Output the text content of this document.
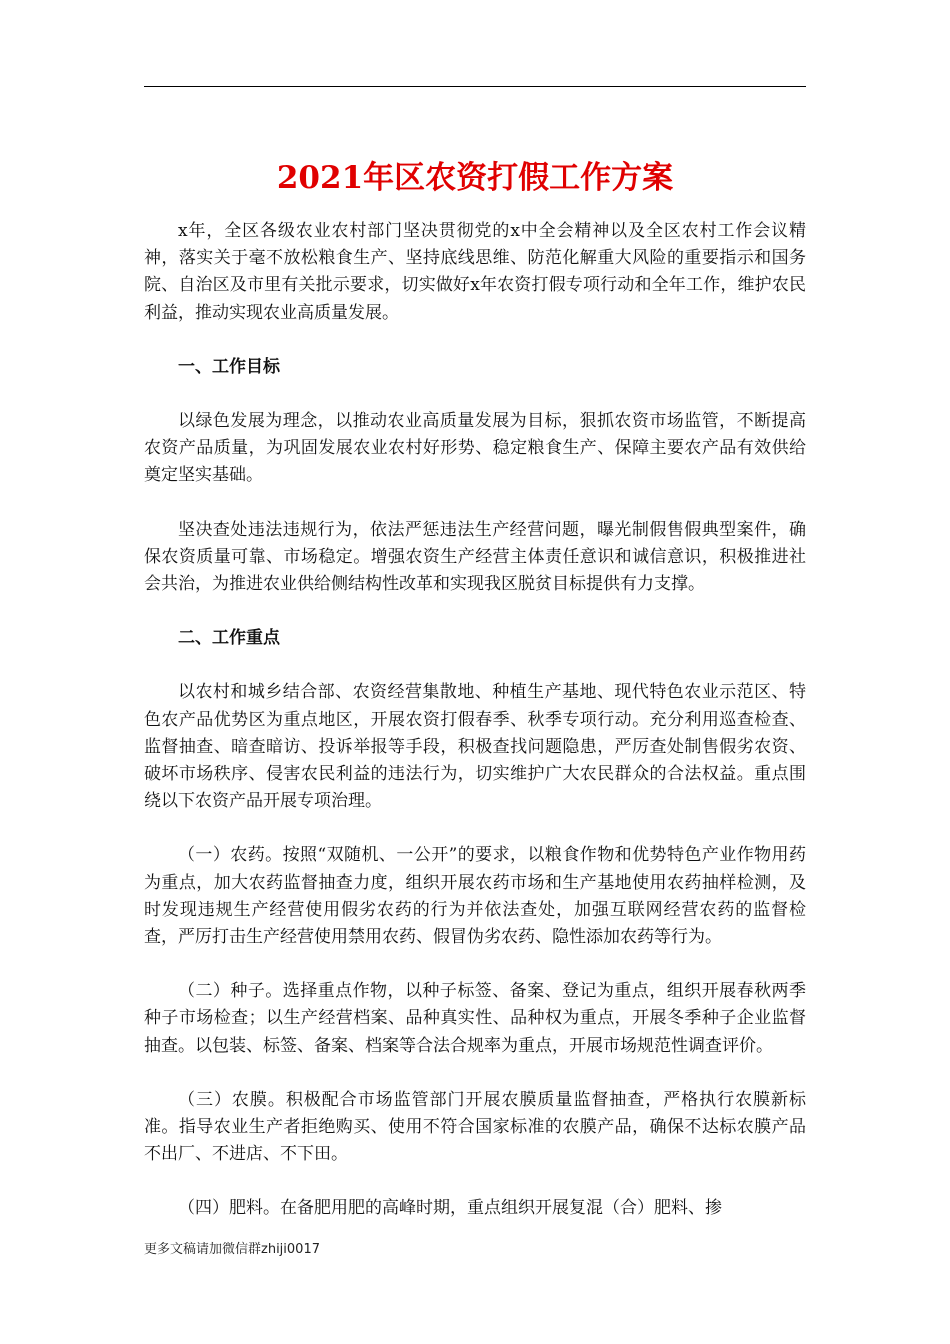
2021年区农资打假工作方案

x年，全区各级农业农村部门坚决贯彻党的x中全会精神以及全区农村工作会议精神，落实关于毫不放松粮食生产、坚持底线思维、防范化解重大风险的重要指示和国务院、自治区及市里有关批示要求，切实做好x年农资打假专项行动和全年工作，维护农民利益，推动实现农业高质量发展。

一、工作目标

以绿色发展为理念，以推动农业高质量发展为目标，狠抓农资市场监管，不断提高农资产品质量，为巩固发展农业农村好形势、稳定粮食生产、保障主要农产品有效供给奠定坚实基础。

坚决查处违法违规行为，依法严惩违法生产经营问题，曝光制假售假典型案件，确保农资质量可靠、市场稳定。增强农资生产经营主体责任意识和诚信意识，积极推进社会共治，为推进农业供给侧结构性改革和实现我区脱贫目标提供有力支撑。

二、工作重点

以农村和城乡结合部、农资经营集散地、种植生产基地、现代特色农业示范区、特色农产品优势区为重点地区，开展农资打假春季、秋季专项行动。充分利用巡查检查、监督抽查、暗查暗访、投诉举报等手段，积极查找问题隐患，严厉查处制售假劣农资、破坏市场秩序、侵害农民利益的违法行为，切实维护广大农民群众的合法权益。重点围绕以下农资产品开展专项治理。

（一）农药。按照“双随机、一公开”的要求，以粮食作物和优势特色产业作物用药为重点，加大农药监督抽查力度，组织开展农药市场和生产基地使用农药抽样检测，及时发现违规生产经营使用假劣农药的行为并依法查处，加强互联网经营农药的监督检查，严厉打击生产经营使用禁用农药、假冒伪劣农药、隐性添加农药等行为。

（二）种子。选择重点作物，以种子标签、备案、登记为重点，组织开展春秋两季种子市场检查；以生产经营档案、品种真实性、品种权为重点，开展冬季种子企业监督抽查。以包装、标签、备案、档案等合法合规率为重点，开展市场规范性调查评价。

（三）农膜。积极配合市场监管部门开展农膜质量监督抽查，严格执行农膜新标准。指导农业生产者拒绝购买、使用不符合国家标准的农膜产品，确保不达标农膜产品不出厂、不进店、不下田。

（四）肥料。在备肥用肥的高峰时期，重点组织开展复混（合）肥料、掺

更多文稿请加微信群zhiji0017
